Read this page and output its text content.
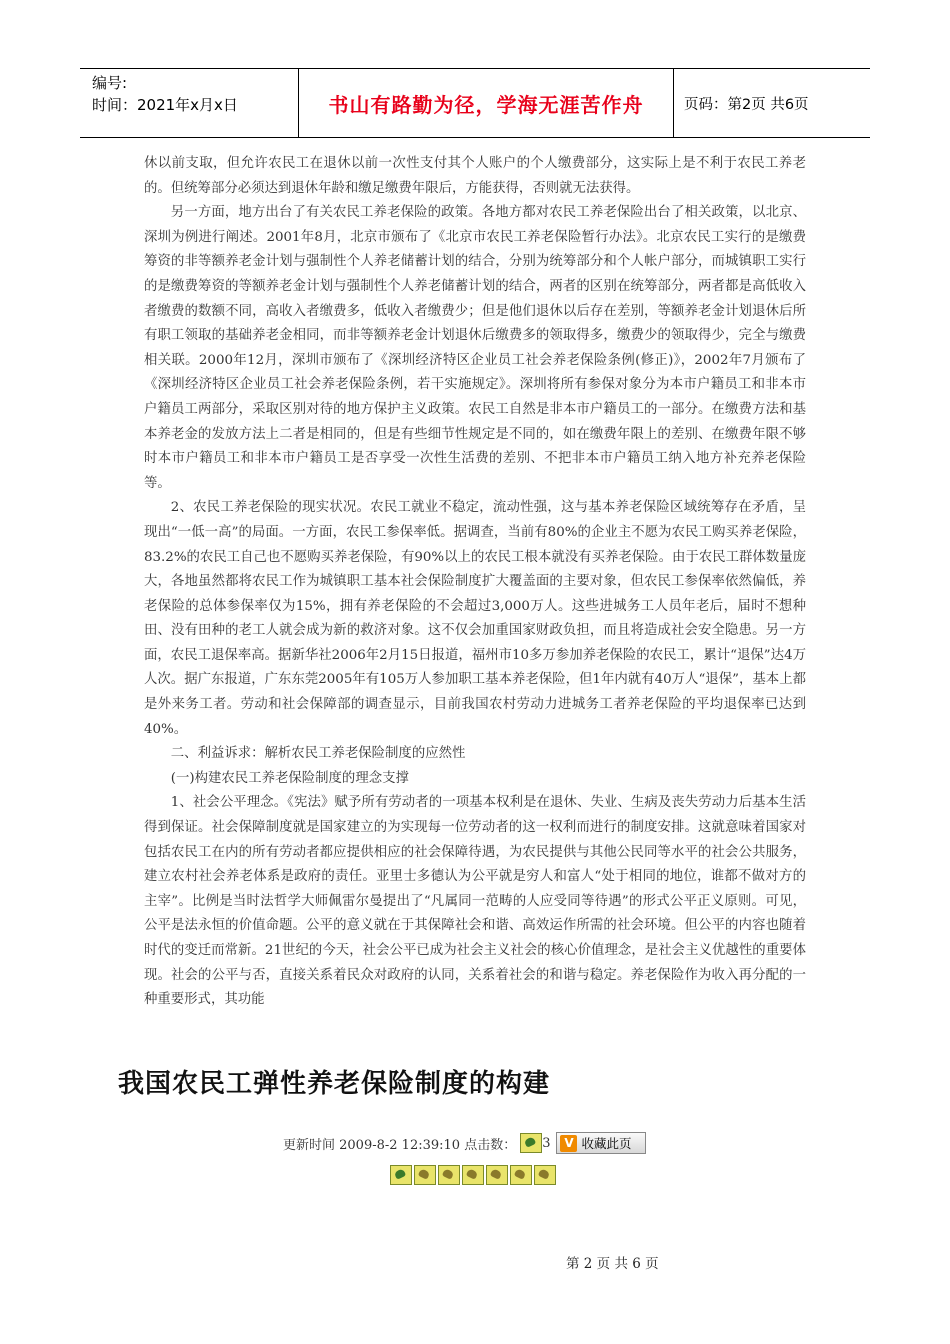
编号:
时间：2021年x月x日	书山有路勤为径，学海无涯苦作舟	页码：第2页 共6页

休以前支取，但允许农民工在退休以前一次性支付其个人账户的个人缴费部分，这实际上是不利于农民工养老的。但统筹部分必须达到退休年龄和缴足缴费年限后，方能获得，否则就无法获得。

另一方面，地方出台了有关农民工养老保险的政策。各地方都对农民工养老保险出台了相关政策，以北京、深圳为例进行阐述。2001年8月，北京市颁布了《北京市农民工养老保险暂行办法》。北京农民工实行的是缴费筹资的非等额养老金计划与强制性个人养老储蓄计划的结合，分别为统筹部分和个人帐户部分，而城镇职工实行的是缴费筹资的等额养老金计划与强制性个人养老储蓄计划的结合，两者的区别在统筹部分，两者都是高低收入者缴费的数额不同，高收入者缴费多，低收入者缴费少；但是他们退休以后存在差别，等额养老金计划退休后所有职工领取的基础养老金相同，而非等额养老金计划退休后缴费多的领取得多，缴费少的领取得少，完全与缴费相关联。2000年12月，深圳市颁布了《深圳经济特区企业员工社会养老保险条例(修正)》，2002年7月颁布了《深圳经济特区企业员工社会养老保险条例，若干实施规定》。深圳将所有参保对象分为本市户籍员工和非本市户籍员工两部分，采取区别对待的地方保护主义政策。农民工自然是非本市户籍员工的一部分。在缴费方法和基本养老金的发放方法上二者是相同的，但是有些细节性规定是不同的，如在缴费年限上的差别、在缴费年限不够时本市户籍员工和非本市户籍员工是否享受一次性生活费的差别、不把非本市户籍员工纳入地方补充养老保险等。

2、农民工养老保险的现实状况。农民工就业不稳定，流动性强，这与基本养老保险区域统筹存在矛盾，呈现出“一低一高”的局面。一方面，农民工参保率低。据调查，当前有80%的企业主不愿为农民工购买养老保险，83.2%的农民工自己也不愿购买养老保险，有90%以上的农民工根本就没有买养老保险。由于农民工群体数量庞大，各地虽然都将农民工作为城镇职工基本社会保险制度扩大覆盖面的主要对象，但农民工参保率依然偏低，养老保险的总体参保率仅为15%，拥有养老保险的不会超过3,000万人。这些进城务工人员年老后，届时不想种田、没有田种的老工人就会成为新的救济对象。这不仅会加重国家财政负担，而且将造成社会安全隐患。另一方面，农民工退保率高。据新华社2006年2月15日报道，福州市10多万参加养老保险的农民工，累计“退保”达4万人次。据广东报道，广东东莞2005年有105万人参加职工基本养老保险，但1年内就有40万人“退保”，基本上都是外来务工者。劳动和社会保障部的调查显示，目前我国农村劳动力进城务工者养老保险的平均退保率已达到40%。

二、利益诉求：解析农民工养老保险制度的应然性

(一)构建农民工养老保险制度的理念支撑

1、社会公平理念。《宪法》赋予所有劳动者的一项基本权利是在退休、失业、生病及丧失劳动力后基本生活得到保证。社会保障制度就是国家建立的为实现每一位劳动者的这一权利而进行的制度安排。这就意味着国家对包括农民工在内的所有劳动者都应提供相应的社会保障待遇，为农民提供与其他公民同等水平的社会公共服务，建立农村社会养老体系是政府的责任。亚里士多德认为公平就是穷人和富人“处于相同的地位，谁都不做对方的主宰”。比例是当时法哲学大师佩雷尔曼提出了“凡属同一范畴的人应受同等待遇”的形式公平正义原则。可见，公平是法永恒的价值命题。公平的意义就在于其保障社会和谐、高效运作所需的社会环境。但公平的内容也随着时代的变迁而常新。21世纪的今天，社会公平已成为社会主义社会的核心价值理念，是社会主义优越性的重要体现。社会的公平与否，直接关系着民众对政府的认同，关系着社会的和谐与稳定。养老保险作为收入再分配的一种重要形式，其功能

我国农民工弹性养老保险制度的构建
更新时间 2009-8-2 12:39:10 点击数： 3	V 收藏此页
第 2 页 共 6 页
